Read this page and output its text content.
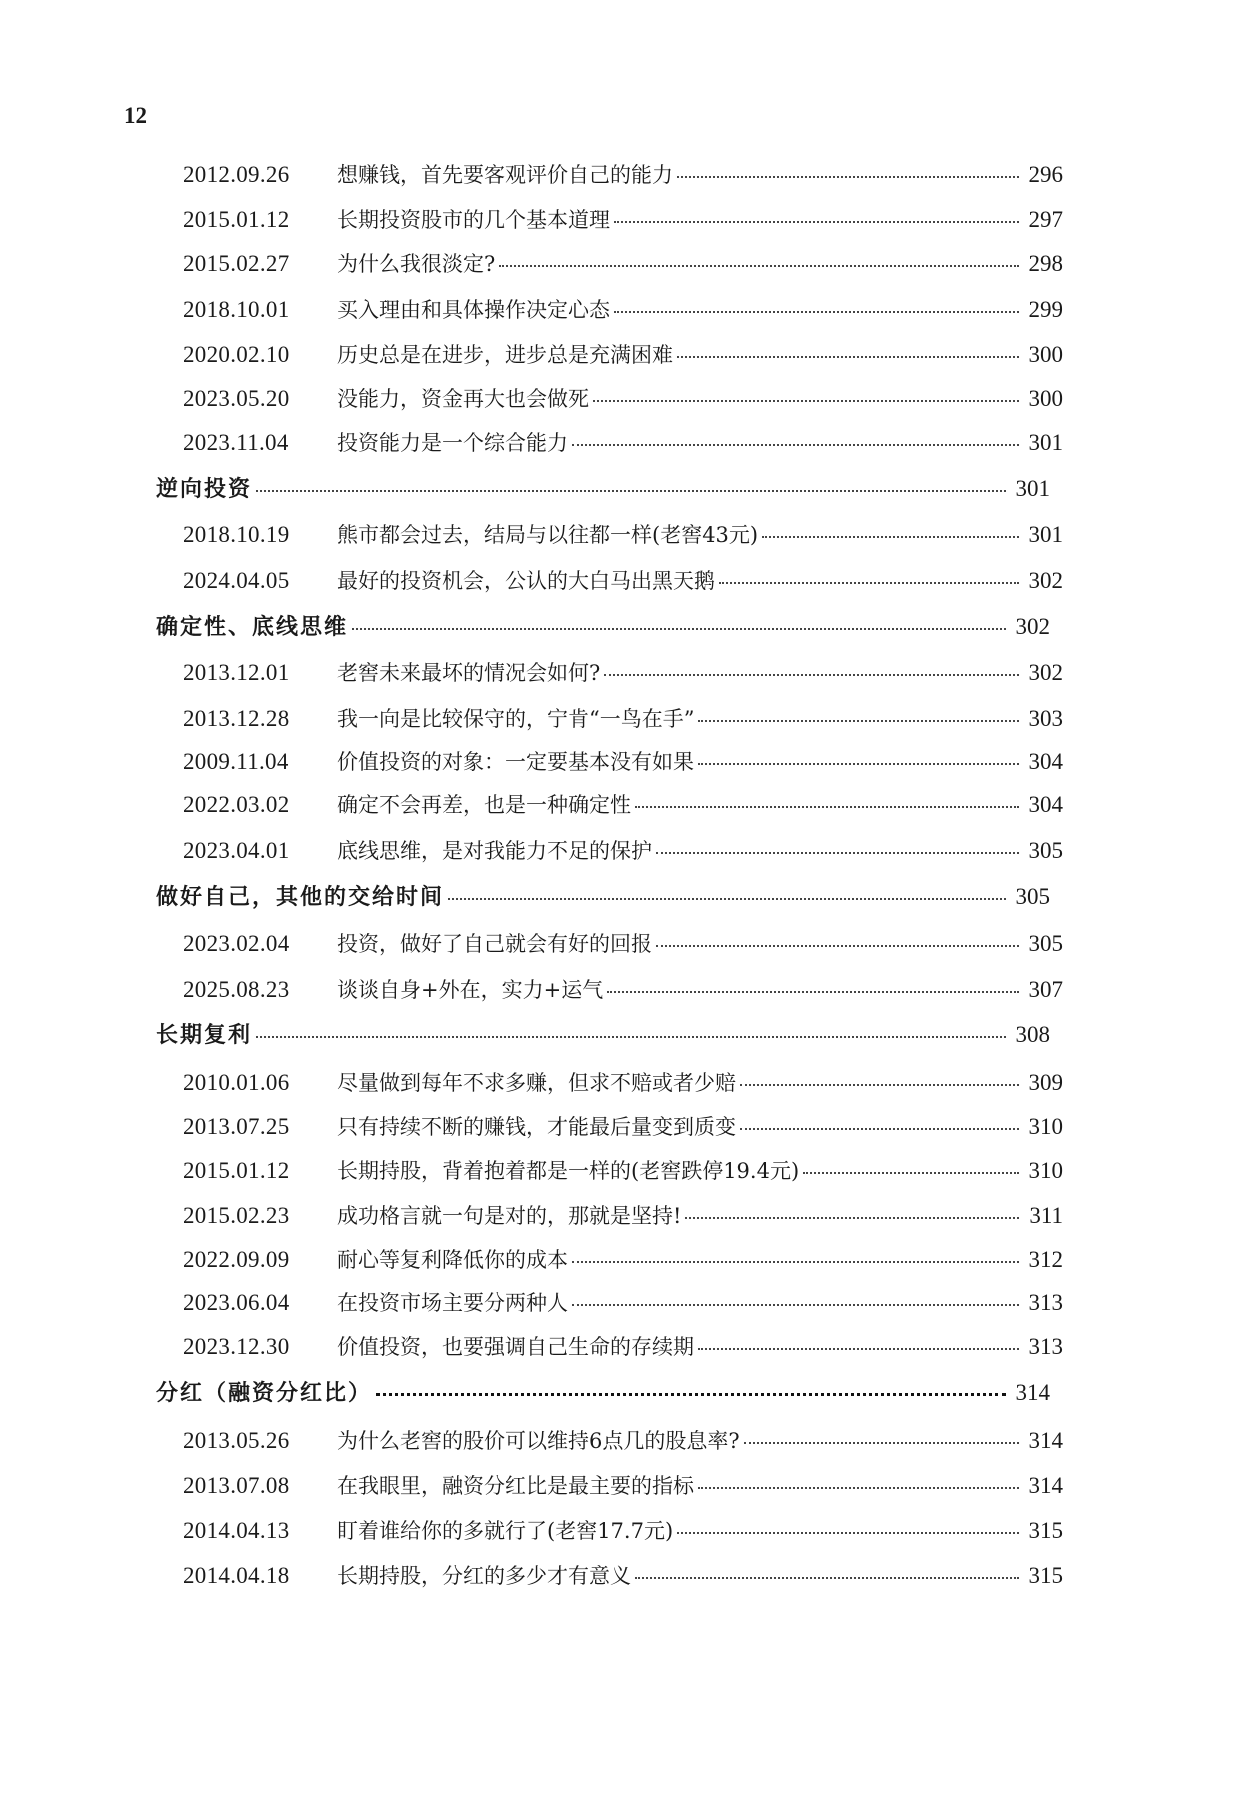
12
2012.09.26	想赚钱，首先要客观评价自己的能力	296
2015.01.12	长期投资股市的几个基本道理	297
2015.02.27	为什么我很淡定?	298
2018.10.01	买入理由和具体操作决定心态	299
2020.02.10	历史总是在进步，进步总是充满困难	300
2023.05.20	没能力，资金再大也会做死	300
2023.11.04	投资能力是一个综合能力	301
逆向投资	301
2018.10.19	熊市都会过去，结局与以往都一样(老窖43元)	301
2024.04.05	最好的投资机会，公认的大白马出黑天鹅	302
确定性、底线思维	302
2013.12.01	老窖未来最坏的情况会如何?	302
2013.12.28	我一向是比较保守的，宁肯“一鸟在手”	303
2009.11.04	价值投资的对象：一定要基本没有如果	304
2022.03.02	确定不会再差，也是一种确定性	304
2023.04.01	底线思维，是对我能力不足的保护	305
做好自己，其他的交给时间	305
2023.02.04	投资，做好了自己就会有好的回报	305
2025.08.23	谈谈自身+外在，实力+运气	307
长期复利	308
2010.01.06	尽量做到每年不求多赚，但求不赔或者少赔	309
2013.07.25	只有持续不断的赚钱，才能最后量变到质变	310
2015.01.12	长期持股，背着抱着都是一样的(老窖跌停19.4元)	310
2015.02.23	成功格言就一句是对的，那就是坚持!	311
2022.09.09	耐心等复利降低你的成本	312
2023.06.04	在投资市场主要分两种人	313
2023.12.30	价值投资，也要强调自己生命的存续期	313
分红（融资分红比）	314
2013.05.26	为什么老窖的股价可以维持6点几的股息率?	314
2013.07.08	在我眼里，融资分红比是最主要的指标	314
2014.04.13	盯着谁给你的多就行了(老窖17.7元)	315
2014.04.18	长期持股，分红的多少才有意义	315
